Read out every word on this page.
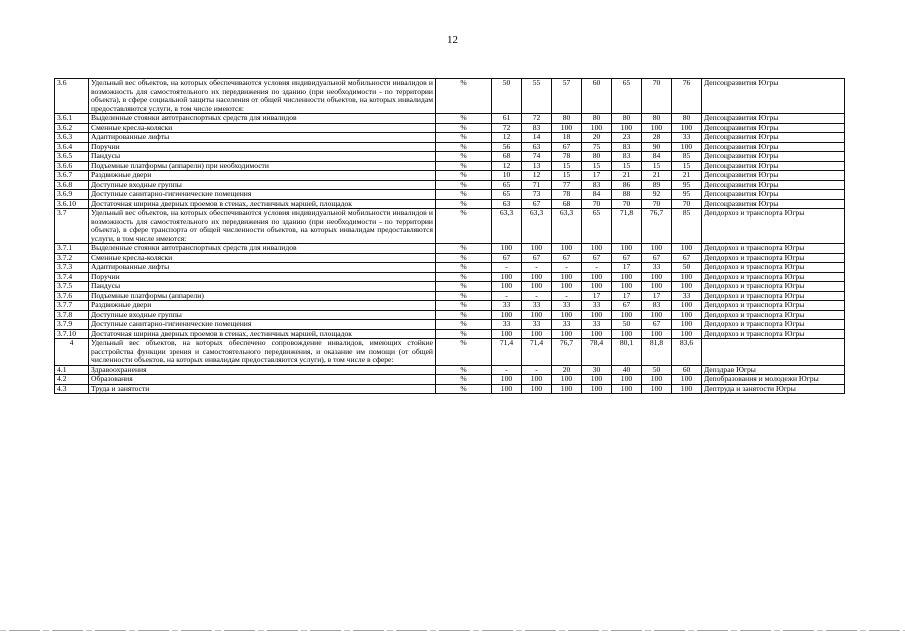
12
3.6	Удельный вес объектов, на которых обеспечиваются условия индивидуальной мобильности инвалидов и возможность для самостоятельного их передвижения по зданию (при необходимости - по территории объекта), в сфере социальной защиты населения от общей численности объектов, на которых инвалидам предоставляются услуги, в том числе имеются:	%	50	55	57	60	65	70	76	Депсоцразвития Югры
3.6.1	Выделенные стоянки автотранспортных средств для инвалидов	%	61	72	80	80	80	80	80	Депсоцразвития Югры
3.6.2	Сменные кресла-коляски	%	72	83	100	100	100	100	100	Депсоцразвития Югры
3.6.3	Адаптированные лифты	%	12	14	18	20	23	28	33	Депсоцразвития Югры
3.6.4	Поручни	%	56	63	67	75	83	90	100	Депсоцразвития Югры
3.6.5	Пандусы	%	68	74	78	80	83	84	85	Депсоцразвития Югры
3.6.6	Подъемные платформы (аппарели) при необходимости	%	12	13	15	15	15	15	15	Депсоцразвития Югры
3.6.7	Раздвижные двери	%	10	12	15	17	21	21	21	Депсоцразвития Югры
3.6.8	Доступные входные группы	%	65	71	77	83	86	89	95	Депсоцразвития Югры
3.6.9	Доступные санитарно-гигиенические помещения	%	65	73	78	84	88	92	95	Депсоцразвития Югры
3.6.10	Достаточная ширина дверных проемов в стенах, лестничных маршей, площадок	%	63	67	68	70	70	70	70	Депсоцразвития Югры
3.7	Удельный вес объектов, на которых обеспечиваются условия индивидуальной мобильности инвалидов и возможность для самостоятельного их передвижения по зданию (при необходимости - по территории объекта), в сфере транспорта от общей численности объектов, на которых инвалидам предоставляются услуги, в том числе имеются:	%	63,3	63,3	63,3	65	71,8	76,7	85	Депдорхоз и транспорта Югры
3.7.1	Выделенные стоянки автотранспортных средств для инвалидов	%	100	100	100	100	100	100	100	Депдорхоз и транспорта Югры
3.7.2	Сменные кресла-коляски	%	67	67	67	67	67	67	67	Депдорхоз и транспорта Югры
3.7.3	Адаптированные лифты	%	-	-	-	-	17	33	50	Депдорхоз и транспорта Югры
3.7.4	Поручни	%	100	100	100	100	100	100	100	Депдорхоз и транспорта Югры
3.7.5	Пандусы	%	100	100	100	100	100	100	100	Депдорхоз и транспорта Югры
3.7.6	Подъемные платформы (аппарели)	%	-	-	-	17	17	17	33	Депдорхоз и транспорта Югры
3.7.7	Раздвижные двери	%	33	33	33	33	67	83	100	Депдорхоз и транспорта Югры
3.7.8	Доступные входные группы	%	100	100	100	100	100	100	100	Депдорхоз и транспорта Югры
3.7.9	Доступные санитарно-гигиенические помещения	%	33	33	33	33	50	67	100	Депдорхоз и транспорта Югры
3.7.10	Достаточная ширина дверных проемов в стенах, лестничных маршей, площадок	%	100	100	100	100	100	100	100	Депдорхоз и транспорта Югры
4	Удельный вес объектов, на которых обеспечено сопровождение инвалидов, имеющих стойкие расстройства функции зрения и самостоятельного передвижения, и оказание им помощи (от общей численности объектов, на которых инвалидам предоставляются услуги), в том числе в сфере:	%	71,4	71,4	76,7	78,4	80,1	81,8	83,6	
4.1	Здравоохранения	%	-	-	20	30	40	50	60	Депздрав Югры
4.2	Образования	%	100	100	100	100	100	100	100	Депобразования и молодежи Югры
4.3	Труда и занятости	%	100	100	100	100	100	100	100	Дептруда и занятости Югры
